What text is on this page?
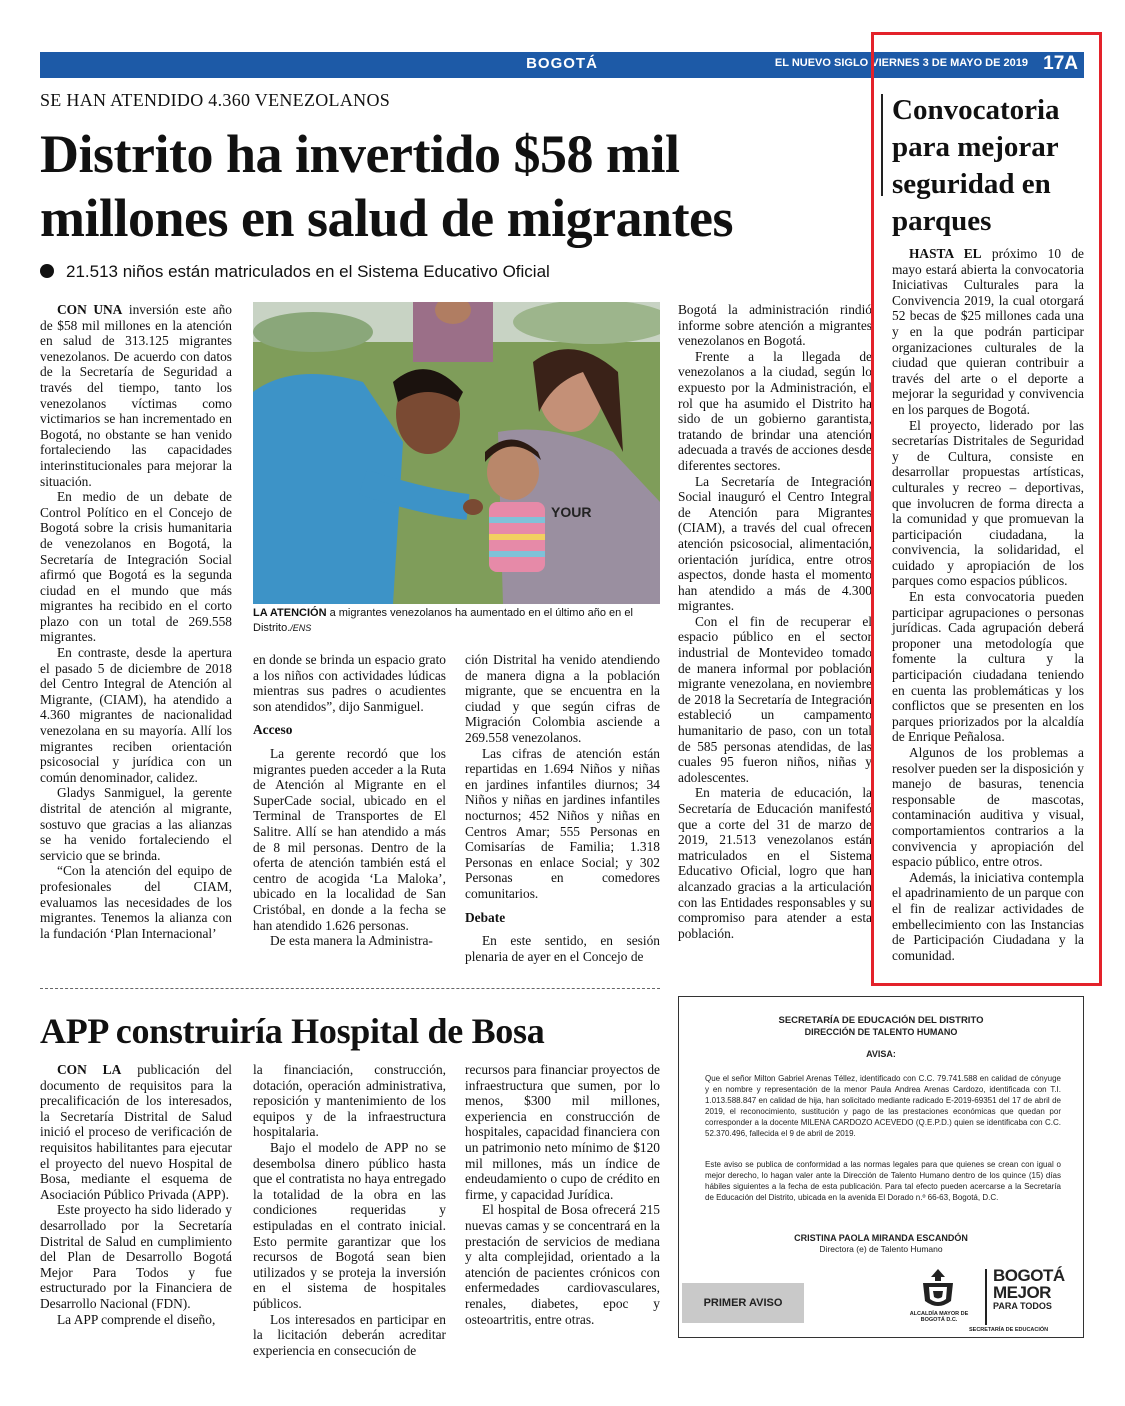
BOGOTÁ	EL NUEVO SIGLO VIERNES 3 DE MAYO DE 2019 17A
SE HAN ATENDIDO 4.360 VENEZOLANOS
Distrito ha invertido $58 mil millones en salud de migrantes
21.513 niños están matriculados en el Sistema Educativo Oficial

CON UNA inversión este año de $58 mil millones en la atención en salud de 313.125 migrantes venezolanos. De acuerdo con datos de la Secretaría de Seguridad a través del tiempo, tanto los venezolanos víctimas como victimarios se han incrementado en Bogotá, no obstante se han venido fortaleciendo las capacidades interinstitucionales para mejorar la situación.

En medio de un debate de Control Político en el Concejo de Bogotá sobre la crisis humanitaria de venezolanos en Bogotá, la Secretaría de Integración Social afirmó que Bogotá es la segunda ciudad en el mundo que más migrantes ha recibido en el corto plazo con un total de 269.558 migrantes.

En contraste, desde la apertura el pasado 5 de diciembre de 2018 del Centro Integral de Atención al Migrante, (CIAM), ha atendido a 4.360 migrantes de nacionalidad venezolana en su mayoría. Allí los migrantes reciben orientación psicosocial y jurídica con un común denominador, calidez.

Gladys Sanmiguel, la gerente distrital de atención al migrante, sostuvo que gracias a las alianzas se ha venido fortaleciendo el servicio que se brinda.

“Con la atención del equipo de profesionales del CIAM, evaluamos las necesidades de los migrantes. Tenemos la alianza con la fundación ‘Plan Internacional’

YOUR
LA ATENCIÓN a migrantes venezolanos ha aumentado en el último año en el Distrito./ENS

en donde se brinda un espacio grato a los niños con actividades lúdicas mientras sus padres o acudientes son atendidos”, dijo Sanmiguel.

Acceso

La gerente recordó que los migrantes pueden acceder a la Ruta de Atención al Migrante en el SuperCade social, ubicado en el Terminal de Transportes de El Salitre. Allí se han atendido a más de 8 mil personas. Dentro de la oferta de atención también está el centro de acogida ‘La Maloka’, ubicado en la localidad de San Cristóbal, en donde a la fecha se han atendido 1.626 personas.

De esta manera la Administra-

ción Distrital ha venido atendiendo de manera digna a la población migrante, que se encuentra en la ciudad y que según cifras de Migración Colombia asciende a 269.558 venezolanos.

Las cifras de atención están repartidas en 1.694 Niños y niñas en jardines infantiles diurnos; 34 Niños y niñas en jardines infantiles nocturnos; 452 Niños y niñas en Centros Amar; 555 Personas en Comisarías de Familia; 1.318 Personas en enlace Social; y 302 Personas en comedores comunitarios.

Debate

En este sentido, en sesión plenaria de ayer en el Concejo de

Bogotá la administración rindió informe sobre atención a migrantes venezolanos en Bogotá.

Frente a la llegada de venezolanos a la ciudad, según lo expuesto por la Administración, el rol que ha asumido el Distrito ha sido de un gobierno garantista, tratando de brindar una atención adecuada a través de acciones desde diferentes sectores.

La Secretaría de Integración Social inauguró el Centro Integral de Atención para Migrantes (CIAM), a través del cual ofrecen atención psicosocial, alimentación, orientación jurídica, entre otros aspectos, donde hasta el momento han atendido a más de 4.300 migrantes.

Con el fin de recuperar el espacio público en el sector industrial de Montevideo tomado de manera informal por población migrante venezolana, en noviembre de 2018 la Secretaría de Integración estableció un campamento humanitario de paso, con un total de 585 personas atendidas, de las cuales 95 fueron niños, niñas y adolescentes.

En materia de educación, la Secretaría de Educación manifestó que a corte del 31 de marzo de 2019, 21.513 venezolanos están matriculados en el Sistema Educativo Oficial, logro que han alcanzado gracias a la articulación con las Entidades responsables y su compromiso para atender a esta población.

Convocatoria para mejorar seguridad en parques

HASTA EL próximo 10 de mayo estará abierta la convocatoria Iniciativas Culturales para la Convivencia 2019, la cual otorgará 52 becas de $25 millones cada una y en la que podrán participar organizaciones culturales de la ciudad que quieran contribuir a través del arte o el deporte a mejorar la seguridad y convivencia en los parques de Bogotá.

El proyecto, liderado por las secretarías Distritales de Seguridad y de Cultura, consiste en desarrollar propuestas artísticas, culturales y recreo – deportivas, que involucren de forma directa a la comunidad y que promuevan la participación ciudadana, la convivencia, la solidaridad, el cuidado y apropiación de los parques como espacios públicos.

En esta convocatoria pueden participar agrupaciones o personas jurídicas. Cada agrupación deberá proponer una metodología que fomente la cultura y la participación ciudadana teniendo en cuenta las problemáticas y los conflictos que se presenten en los parques priorizados por la alcaldía de Enrique Peñalosa.

Algunos de los problemas a resolver pueden ser la disposición y manejo de basuras, tenencia responsable de mascotas, contaminación auditiva y visual, comportamientos contrarios a la convivencia y apropiación del espacio público, entre otros.

Además, la iniciativa contempla el apadrinamiento de un parque con el fin de realizar actividades de embellecimiento con las Instancias de Participación Ciudadana y la comunidad.

APP construiría Hospital de Bosa

CON LA publicación del documento de requisitos para la precalificación de los interesados, la Secretaría Distrital de Salud inició el proceso de verificación de requisitos habilitantes para ejecutar el proyecto del nuevo Hospital de Bosa, mediante el esquema de Asociación Público Privada (APP).

Este proyecto ha sido liderado y desarrollado por la Secretaría Distrital de Salud en cumplimiento del Plan de Desarrollo Bogotá Mejor Para Todos y fue estructurado por la Financiera de Desarrollo Nacional (FDN).

La APP comprende el diseño,

la financiación, construcción, dotación, operación administrativa, reposición y mantenimiento de los equipos y de la infraestructura hospitalaria.

Bajo el modelo de APP no se desembolsa dinero público hasta que el contratista no haya entregado la totalidad de la obra en las condiciones requeridas y estipuladas en el contrato inicial. Esto permite garantizar que los recursos de Bogotá sean bien utilizados y se proteja la inversión en el sistema de hospitales públicos.

Los interesados en participar en la licitación deberán acreditar experiencia en consecución de

recursos para financiar proyectos de infraestructura que sumen, por lo menos, $300 mil millones, experiencia en construcción de hospitales, capacidad financiera con un patrimonio neto mínimo de $120 mil millones, más un índice de endeudamiento o cupo de crédito en firme, y capacidad Jurídica.

El hospital de Bosa ofrecerá 215 nuevas camas y se concentrará en la prestación de servicios de mediana y alta complejidad, orientado a la atención de pacientes crónicos con enfermedades cardiovasculares, renales, diabetes, epoc y osteoartritis, entre otras.

SECRETARÍA DE EDUCACIÓN DEL DISTRITO
DIRECCIÓN DE TALENTO HUMANO
AVISA:
Que el señor Milton Gabriel Arenas Téllez, identificado con C.C. 79.741.588 en calidad de cónyuge y en nombre y representación de la menor Paula Andrea Arenas Cardozo, identificada con T.I. 1.013.588.847 en calidad de hija, han solicitado mediante radicado E-2019-69351 del 17 de abril de 2019, el reconocimiento, sustitución y pago de las prestaciones económicas que quedan por corresponder a la docente MILENA CARDOZO ACEVEDO (Q.E.P.D.) quien se identificaba con C.C. 52.370.496, fallecida el 9 de abril de 2019.
Este aviso se publica de conformidad a las normas legales para que quienes se crean con igual o mejor derecho, lo hagan valer ante la Dirección de Talento Humano dentro de los quince (15) días hábiles siguientes a la fecha de esta publicación. Para tal efecto pueden acercarse a la Secretaría de Educación del Distrito, ubicada en la avenida El Dorado n.º 66-63, Bogotá, D.C.
CRISTINA PAOLA MIRANDA ESCANDÓN
Directora (e) de Talento Humano
PRIMER AVISO
ALCALDÍA MAYOR DE BOGOTÁ D.C.
BOGOTÁ
MEJOR
PARA TODOS
SECRETARÍA DE EDUCACIÓN
